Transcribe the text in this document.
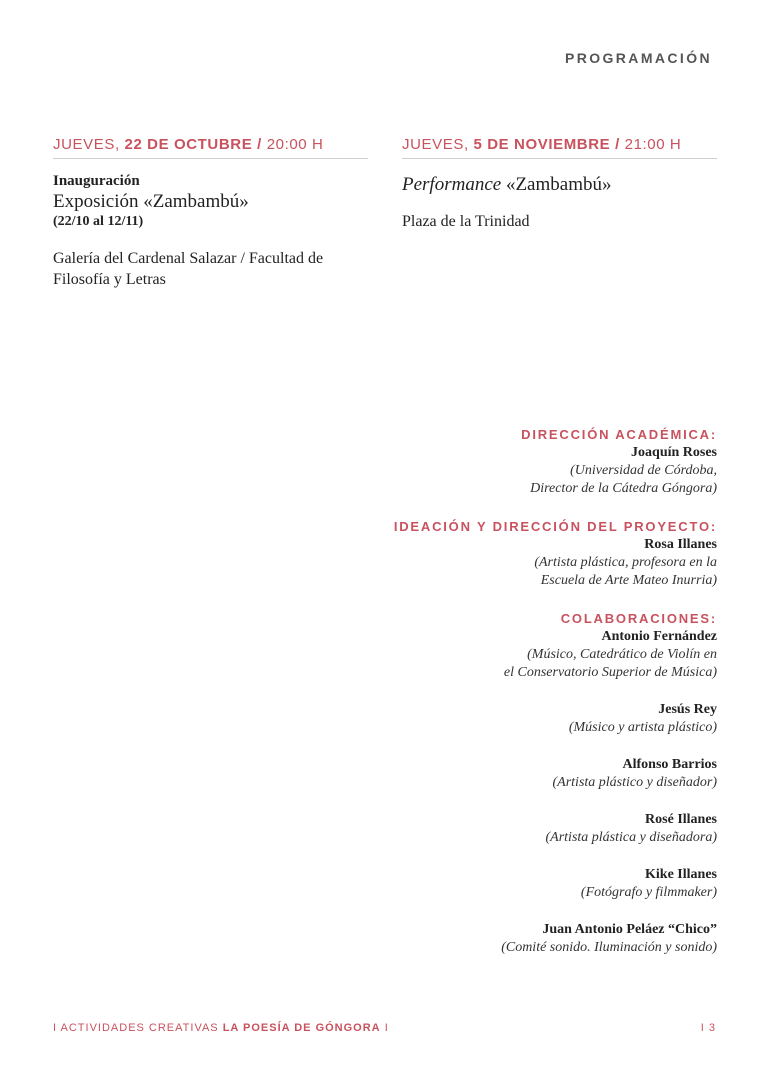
PROGRAMACIÓN
JUEVES, 22 DE OCTUBRE / 20:00 H
Inauguración
Exposición «Zambambú»
(22/10 al 12/11)
Galería del Cardenal Salazar / Facultad de Filosofía y Letras
JUEVES, 5 DE NOVIEMBRE / 21:00 H
Performance «Zambambú»
Plaza de la Trinidad
DIRECCIÓN ACADÉMICA:
Joaquín Roses
(Universidad de Córdoba,
Director de la Cátedra Góngora)
IDEACIÓN Y DIRECCIÓN DEL PROYECTO:
Rosa Illanes
(Artista plástica, profesora en la
Escuela de Arte Mateo Inurria)
COLABORACIONES:
Antonio Fernández
(Músico, Catedrático de Violín en
el Conservatorio Superior de Música)
Jesús Rey
(Músico y artista plástico)
Alfonso Barrios
(Artista plástico y diseñador)
Rosé Illanes
(Artista plástica y diseñadora)
Kike Illanes
(Fotógrafo y filmmaker)
Juan Antonio Peláez “Chico”
(Comité sonido. Iluminación y sonido)
I ACTIVIDADES CREATIVAS LA POESÍA DE GÓNGORA I	I 3
